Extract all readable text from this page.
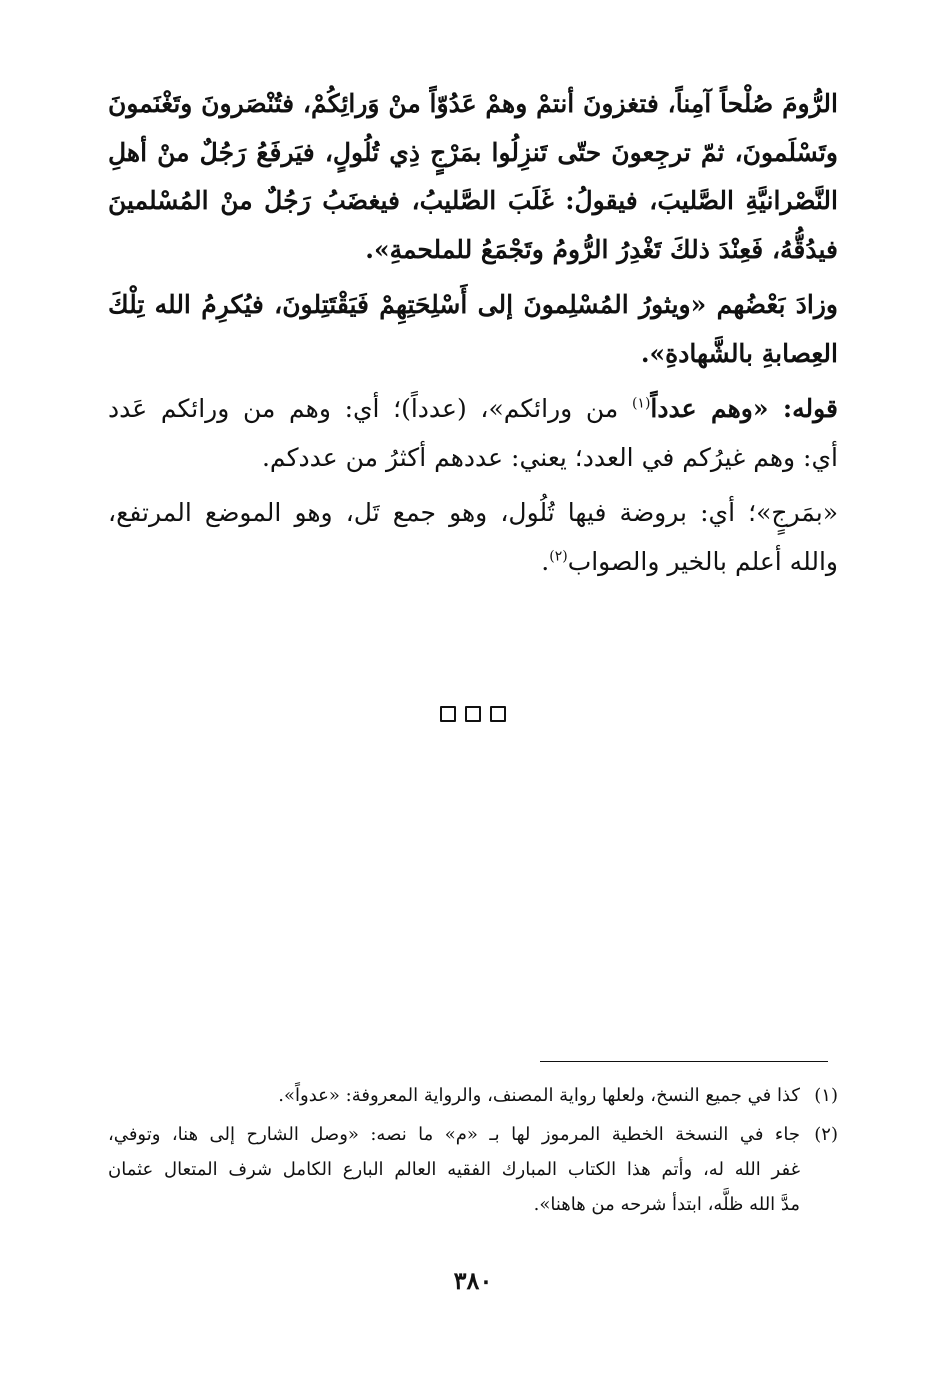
الرُّومَ صُلْحاً آمِناً، فتغزونَ أنتمْ وهمْ عَدُوّاً منْ وَرائِكُمْ، فتُنْصَرونَ وتَغْنَمونَ
وتَسْلَمونَ، ثمّ ترجِعونَ حتّى تَنزِلُوا بمَرْجٍ ذِي تُلُولٍ، فيَرفَعُ رَجُلٌ منْ أهلِ
النَّصْرانيَّةِ الصَّليبَ، فيقولُ: غَلَبَ الصَّليبُ، فيغضَبُ رَجُلٌ منْ المُسْلمينَ
فيدُقُّهُ، فَعِنْدَ ذلكَ تَغْدِرُ الرُّومُ وتَجْمَعُ للملحمةِ».

وزادَ بَعْضُهم «ويثورُ المُسْلِمونَ إلى أَسْلِحَتِهِمْ فَيَقْتَتِلونَ، فيُكرِمُ الله تِلْكَ
العِصابةِ بالشَّهادةِ».

قوله: «وهم عدداً$^{(١)}$ من ورائكم»، (عدداً)؛ أي: وهم من ورائكم عَدد
أي: وهم غيرُكم في العدد؛ يعني: عددهم أكثرُ من عددكم.

«بمَرجٍ»؛ أي: بروضة فيها تُلُول، وهو جمع تَل، وهو الموضع المرتفع،
والله أعلم بالخير والصواب$^{(٢)}$.

(١)
كذا في جميع النسخ، ولعلها رواية المصنف، والرواية المعروفة: «عدواً».
(٢)
جاء في النسخة الخطية المرموز لها بـ «م» ما نصه: «وصل الشارح إلى هنا، وتوفي،
غفر الله له، وأتم هذا الكتاب المبارك الفقيه العالم البارع الكامل شرف المتعال عثمان
مدَّ الله ظلَّه، ابتدأ شرحه من هاهنا».
٣٨٠
